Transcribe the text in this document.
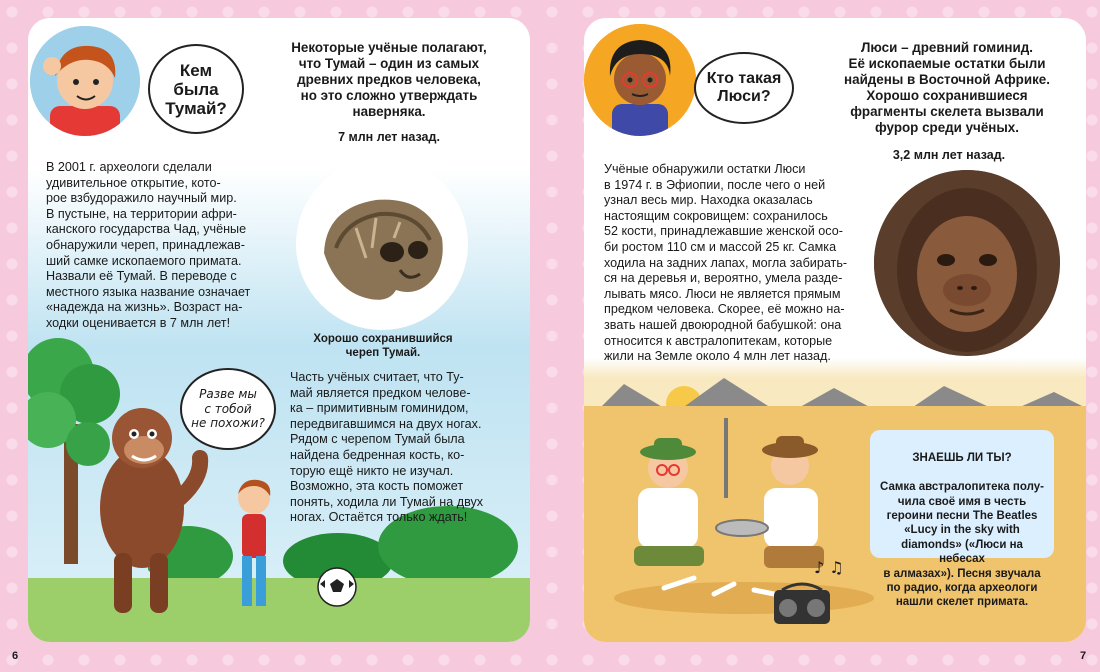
Кем
была
Тумай?
Некоторые учёные полагают,
что Тумай – один из самых
древних предков человека,
но это сложно утверждать
наверняка.
7 млн лет назад.
В 2001 г. археологи сделали
удивительное открытие, кото-
рое взбудоражило научный мир.
В пустыне, на территории афри-
канского государства Чад, учёные
обнаружили череп, принадлежав-
ший самке ископаемого примата.
Назвали её Тумай. В переводе с
местного языка название означает
«надежда на жизнь». Возраст на-
ходки оценивается в 7 млн лет!
Хорошо сохранившийся
череп Тумай.
Разве мы
с тобой
не похожи?
Часть учёных считает, что Ту-
май является предком челове-
ка – примитивным гоминидом,
передвигавшимся на двух ногах.
Рядом с черепом Тумай была
найдена бедренная кость, ко-
торую ещё никто не изучал.
Возможно, эта кость поможет
понять, ходила ли Тумай на двух
ногах. Остаётся только ждать!
6
Кто такая
Люси?
Люси – древний гоминид.
Её ископаемые остатки были
найдены в Восточной Африке.
Хорошо сохранившиеся
фрагменты скелета вызвали
фурор среди учёных.
3,2 млн лет назад.
Учёные обнаружили остатки Люси
в 1974 г. в Эфиопии, после чего о ней
узнал весь мир. Находка оказалась
настоящим сокровищем: сохранилось
52 кости, принадлежавшие женской осо-
би ростом 110 см и массой 25 кг. Самка
ходила на задних лапах, могла забирать-
ся на деревья и, вероятно, умела разде-
лывать мясо. Люси не является прямым
предком человека. Скорее, её можно на-
звать нашей двоюродной бабушкой: она
относится к австралопитекам, которые
жили на Земле около 4 млн лет назад.
♪ ♫

ЗНАЕШЬ ЛИ ТЫ?

Самка австралопитека полу-
чила своё имя в честь
героини песни The Beatles
«Lucy in the sky with
diamonds» («Люси на небесах
в алмазах»). Песня звучала
по радио, когда археологи
нашли скелет примата.

7
